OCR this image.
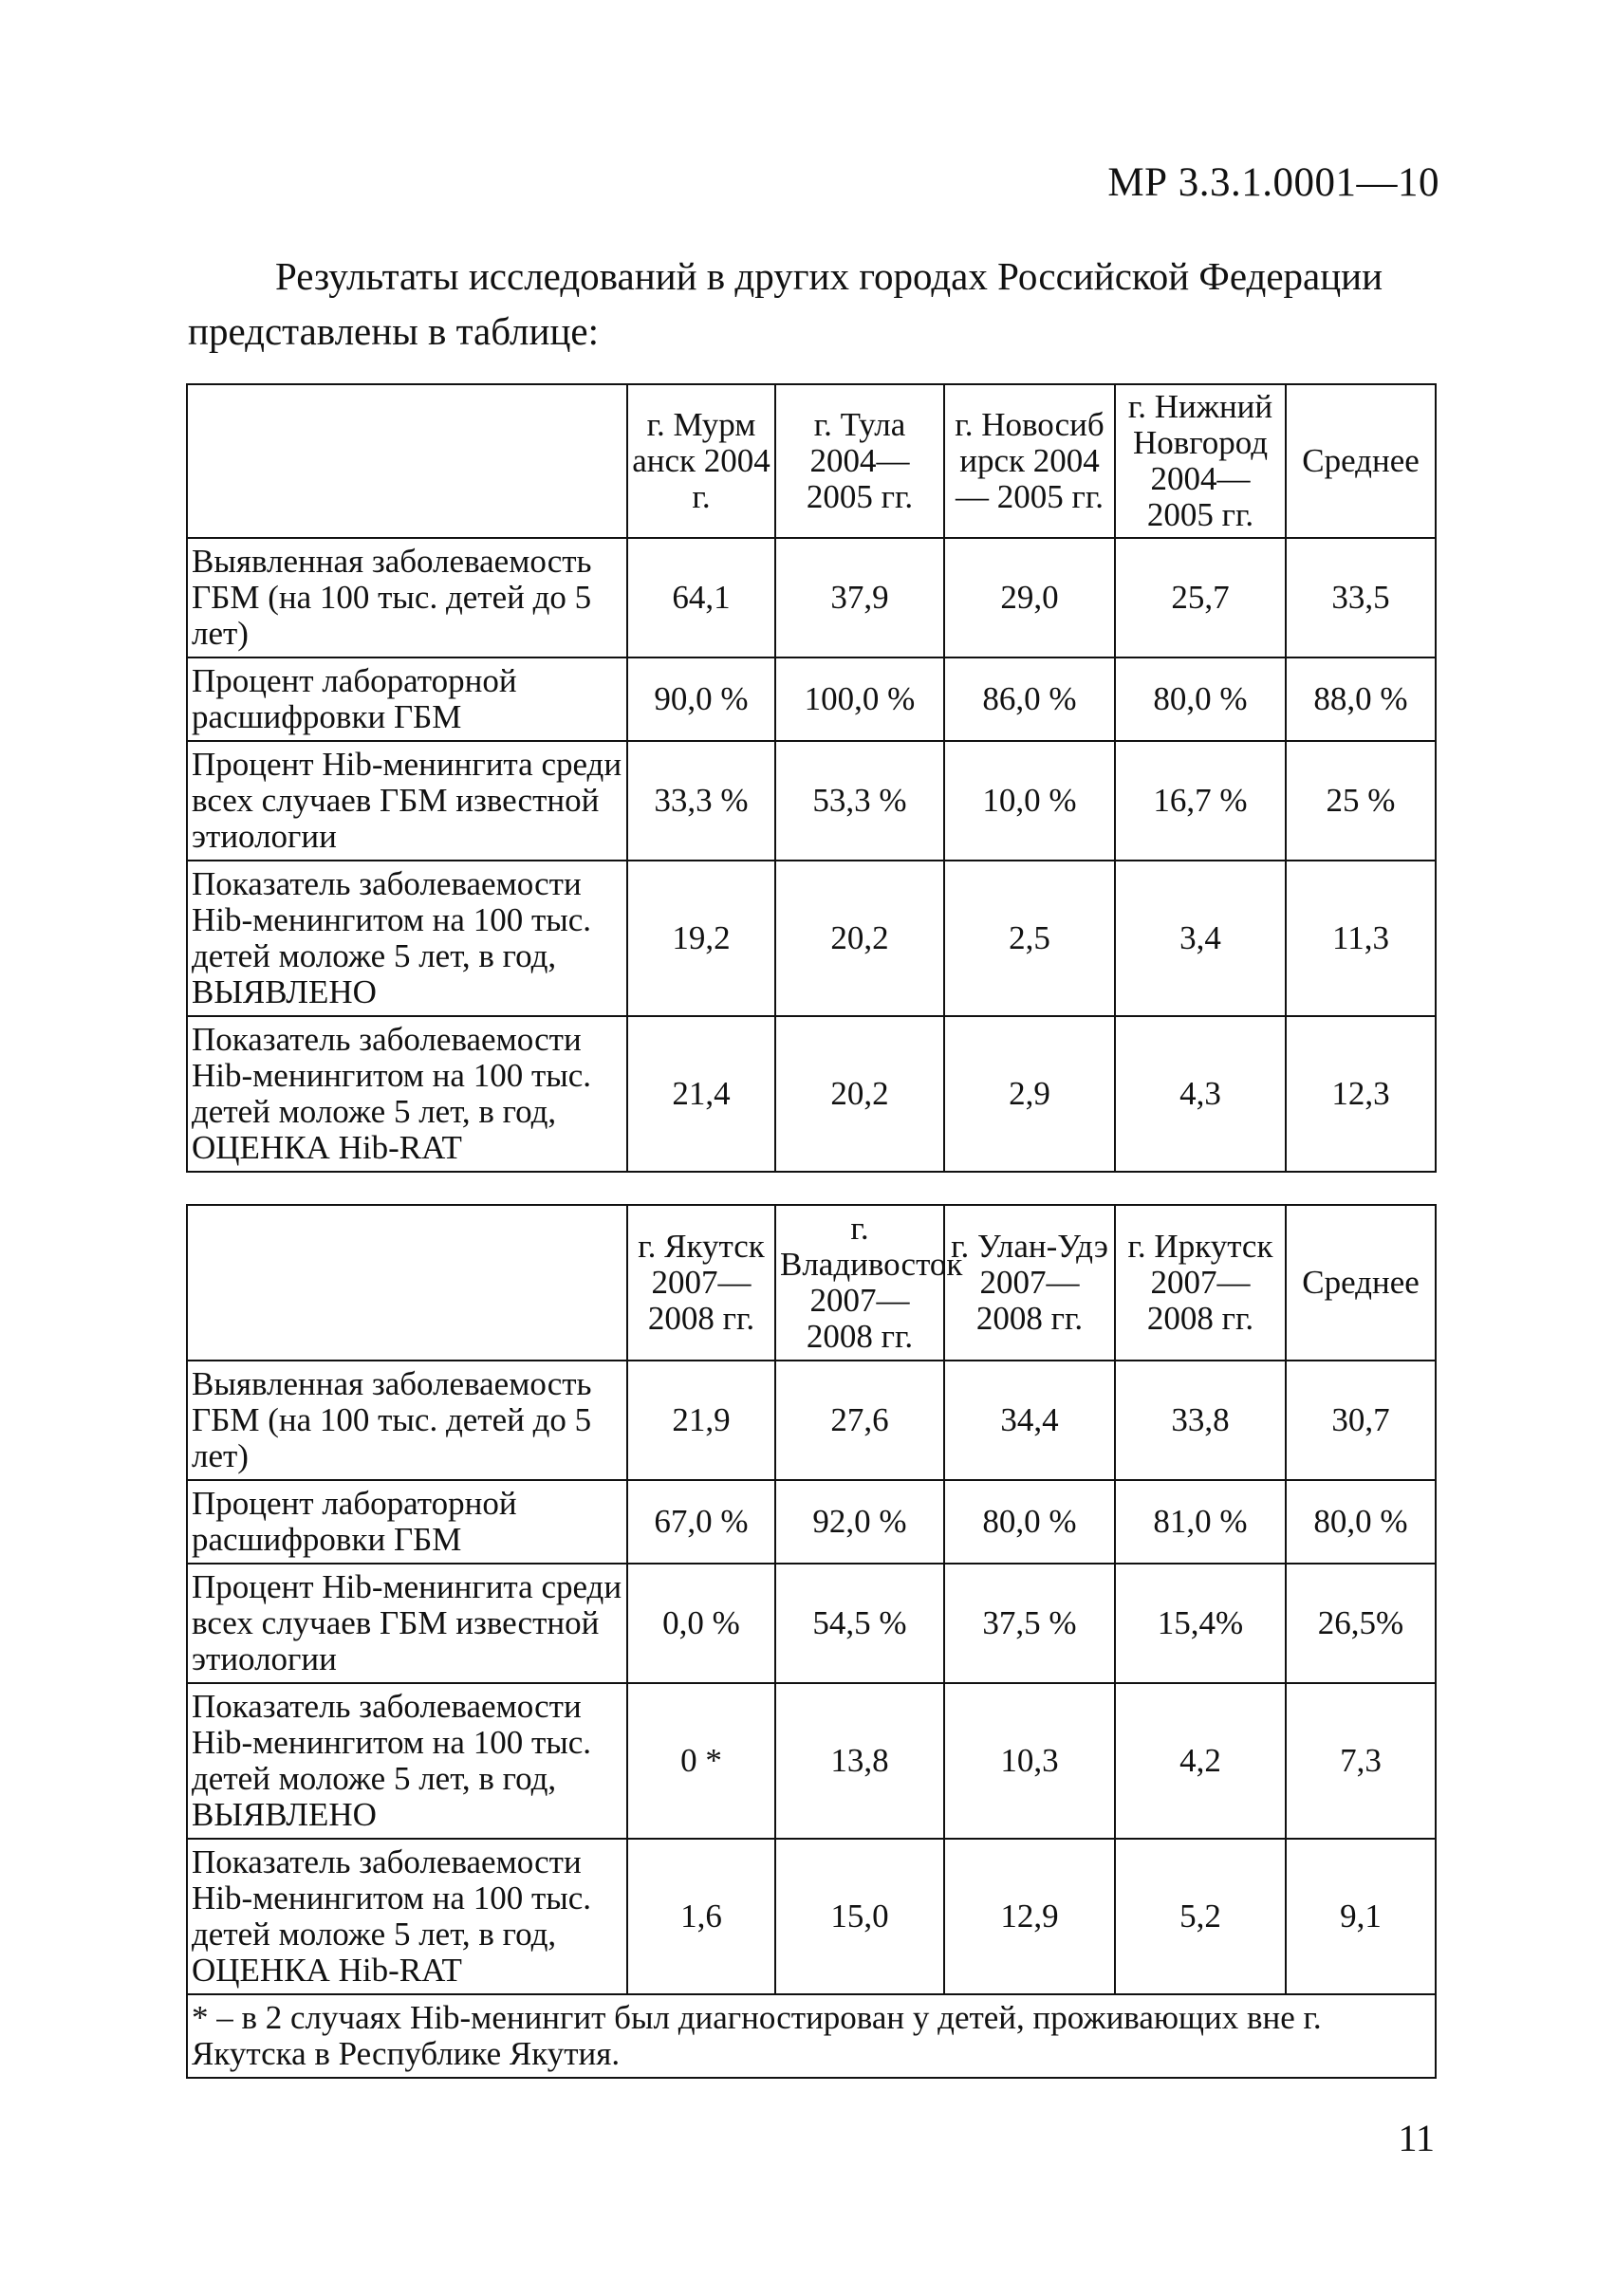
МР 3.3.1.0001—10
Результаты исследований в других городах Российской Федерации
представлены в таблице:
	г. Мурм анск 2004 г.	г. Тула 2004— 2005 гг.	г. Новосиб ирск 2004— 2005 гг.	г. Нижний Новгород 2004— 2005 гг.	Среднее
Выявленная заболеваемость ГБМ (на 100 тыс. детей до 5 лет)	64,1	37,9	29,0	25,7	33,5
Процент лабораторной расшифровки ГБМ	90,0 %	100,0 %	86,0 %	80,0 %	88,0 %
Процент Hib-менингита среди всех случаев ГБМ известной этиологии	33,3 %	53,3 %	10,0 %	16,7 %	25 %
Показатель заболеваемости Hib-менингитом на 100 тыс. детей моложе 5 лет, в год, ВЫЯВЛЕНО	19,2	20,2	2,5	3,4	11,3
Показатель заболеваемости Hib-менингитом на 100 тыс. детей моложе 5 лет, в год, ОЦЕНКА Hib-RAT	21,4	20,2	2,9	4,3	12,3
	г. Якутск 2007— 2008 гг.	г. Владивосток 2007— 2008 гг.	г. Улан-Удэ 2007— 2008 гг.	г. Иркутск 2007— 2008 гг.	Среднее
Выявленная заболеваемость ГБМ (на 100 тыс. детей до 5 лет)	21,9	27,6	34,4	33,8	30,7
Процент лабораторной расшифровки ГБМ	67,0 %	92,0 %	80,0 %	81,0 %	80,0 %
Процент Hib-менингита среди всех случаев ГБМ известной этиологии	0,0 %	54,5 %	37,5 %	15,4%	26,5%
Показатель заболеваемости Hib-менингитом на 100 тыс. детей моложе 5 лет, в год, ВЫЯВЛЕНО	0 *	13,8	10,3	4,2	7,3
Показатель заболеваемости Hib-менингитом на 100 тыс. детей моложе 5 лет, в год, ОЦЕНКА Hib-RAT	1,6	15,0	12,9	5,2	9,1
* – в 2 случаях Hib-менингит был диагностирован у детей, проживающих вне г. Якутска в Республике Якутия.					
11
